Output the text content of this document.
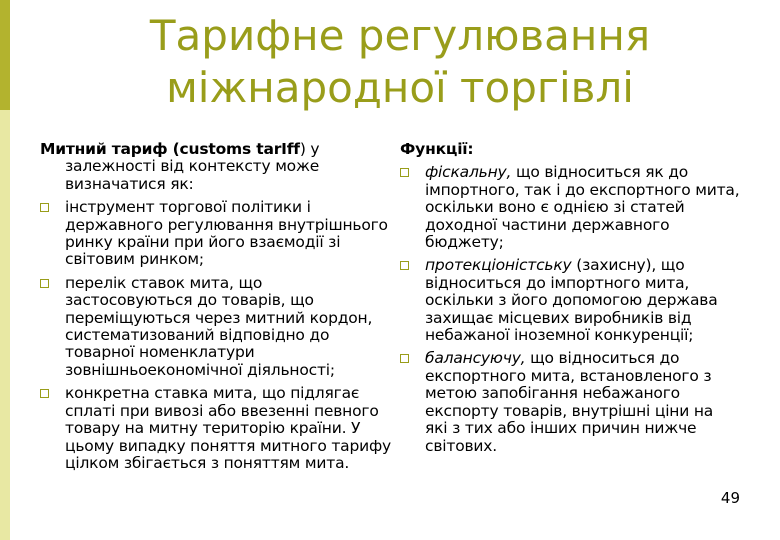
Тарифне регулювання
міжнародної торгівлі
Митний тариф (customs tarIff) у залежності від контексту може визначатися як:
інструмент торгової політики і державного регулювання внутрішнього ринку країни при його взаємодії зі світовим ринком;
перелік ставок мита, що застосовуються до товарів, що переміщуються через митний кордон, систематизований відповідно до товарної номенклатури зовнішньоекономічної діяльності;
конкретна ставка мита, що підлягає сплаті при вивозі або ввезенні певного товару на митну територію країни. У цьому випадку поняття митного тарифу цілком збігається з поняттям мита.
Функції:
фіскальну, що відноситься як до імпортного, так і до експортного мита, оскільки воно є однією зі статей доходної частини державного бюджету;
протекціоністську (захисну), що відноситься до імпортного мита, оскільки з його допомогою держава захищає місцевих виробників від небажаної іноземної конкуренції;
балансуючу, що відноситься до експортного мита, встановленого з метою запобігання небажаного експорту товарів, внутрішні ціни на які з тих або інших причин нижче світових.
49
